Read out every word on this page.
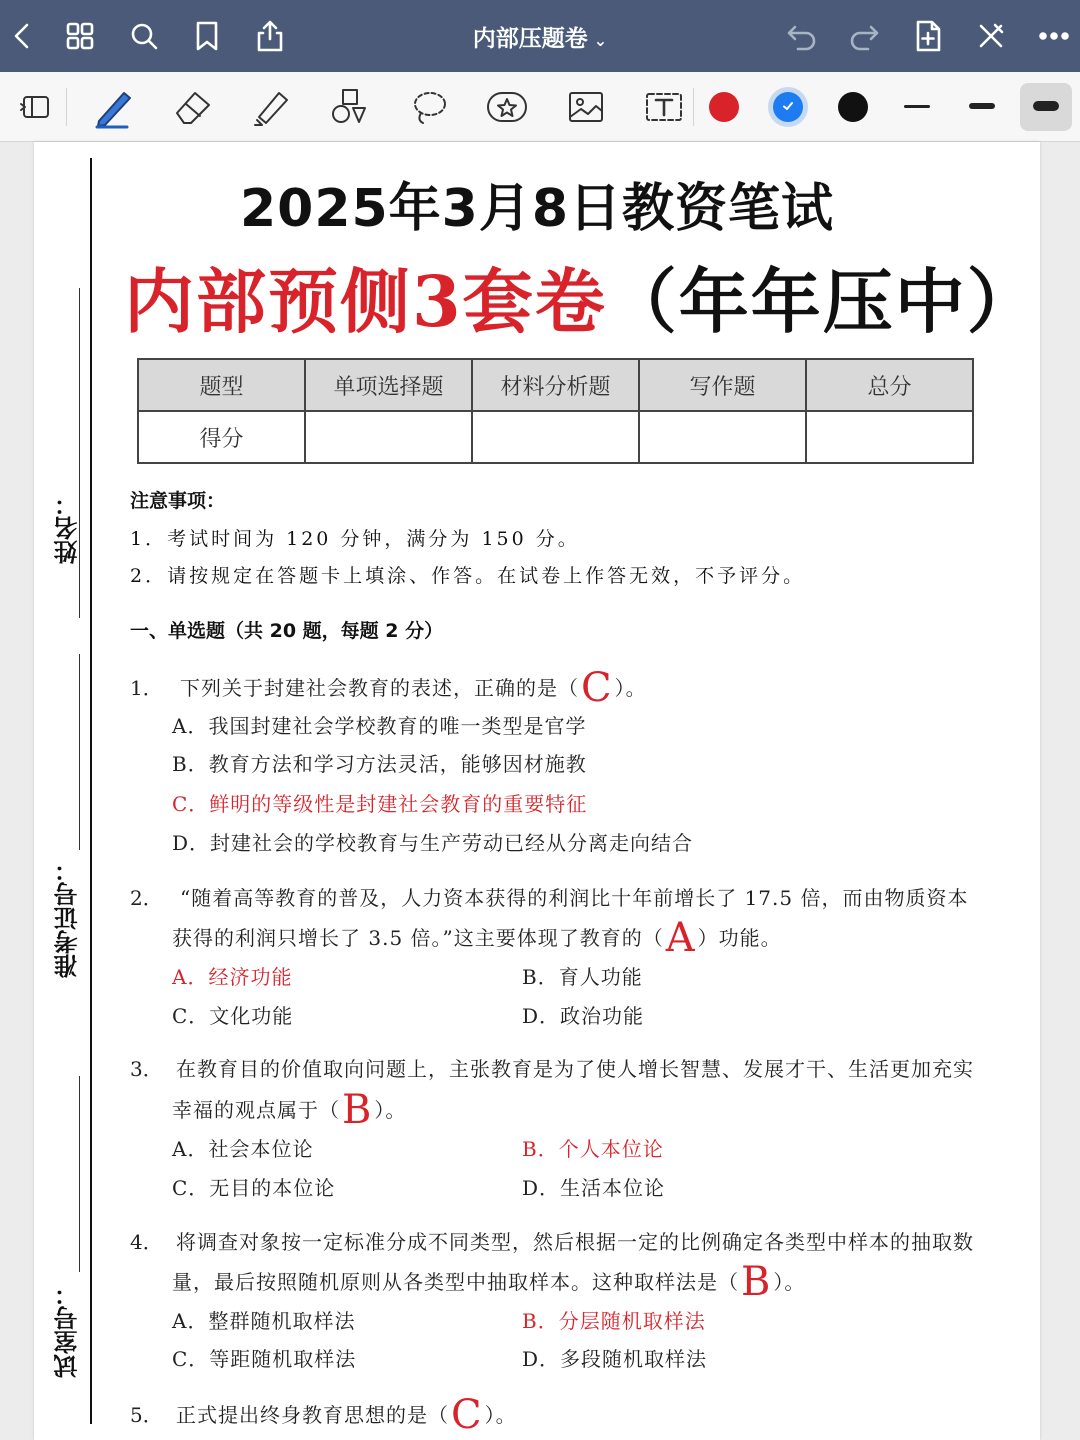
内部压题卷 ⌄
姓名：
准考证号：
试室号：
2025年3月8日教资笔试
内部预侧3套卷（年年压中）
题型	单项选择题	材料分析题	写作题	总分
得分				
注意事项：
1．考试时间为 120 分钟，满分为 150 分。
2．请按规定在答题卡上填涂、作答。在试卷上作答无效，不予评分。
一、单选题（共 20 题，每题 2 分）
1． 下列关于封建社会教育的表述，正确的是（C ）。
A．我国封建社会学校教育的唯一类型是官学
B．教育方法和学习方法灵活，能够因材施教
C．鲜明的等级性是封建社会教育的重要特征
D．封建社会的学校教育与生产劳动已经从分离走向结合
2． “随着高等教育的普及，人力资本获得的利润比十年前增长了 17.5 倍，而由物质资本
获得的利润只增长了 3.5 倍。”这主要体现了教育的（A ）功能。
A．经济功能	B．育人功能
C．文化功能	D．政治功能
3． 在教育目的价值取向问题上，主张教育是为了使人增长智慧、发展才干、生活更加充实
幸福的观点属于（B ）。
A．社会本位论	B．个人本位论
C．无目的本位论	D．生活本位论
4． 将调查对象按一定标准分成不同类型，然后根据一定的比例确定各类型中样本的抽取数
量，最后按照随机原则从各类型中抽取样本。这种取样法是（B ）。
A．整群随机取样法	B．分层随机取样法
C．等距随机取样法	D．多段随机取样法
5． 正式提出终身教育思想的是（C ）。
